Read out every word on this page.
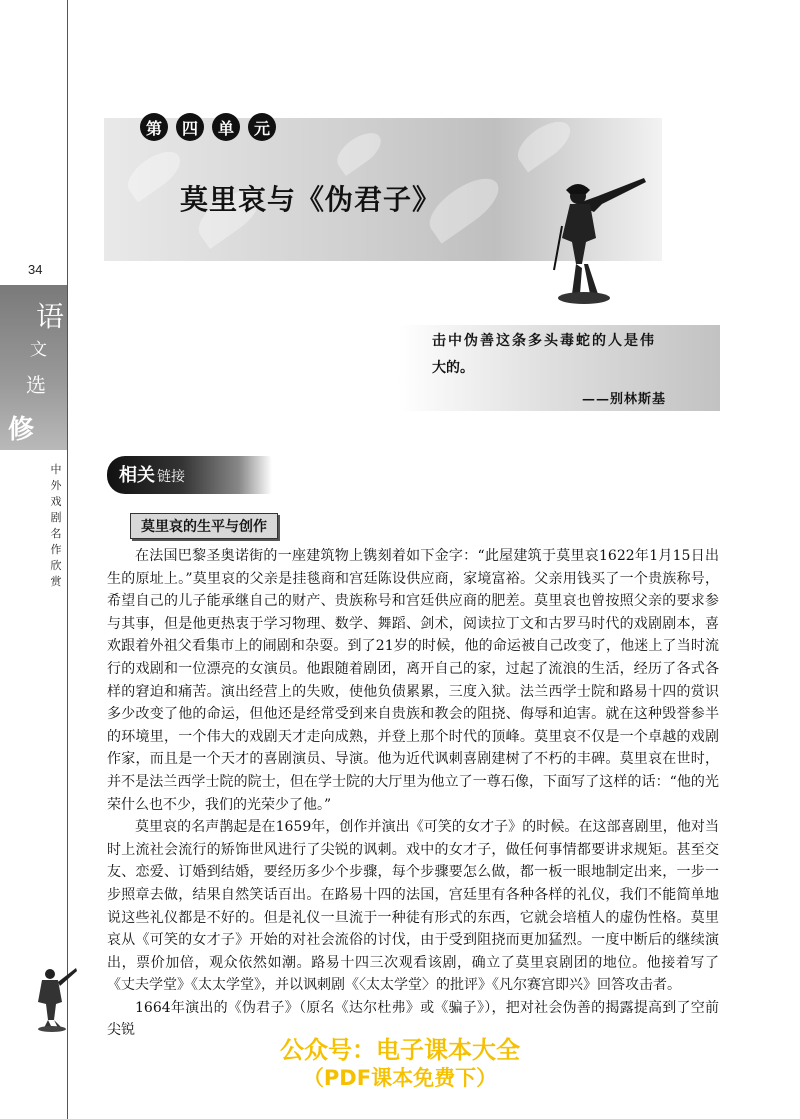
34
语
文
选
修
中
外
戏
剧
名
作
欣
赏
第	四	单	元
莫里哀与《伪君子》
击中伪善这条多头毒蛇的人是伟
大的。
——别林斯基
相关 链接
莫里哀的生平与创作

在法国巴黎圣奥诺街的一座建筑物上镌刻着如下金字：“此屋建筑于莫里哀1622年1月15日出生的原址上。”莫里哀的父亲是挂毯商和宫廷陈设供应商，家境富裕。父亲用钱买了一个贵族称号，希望自己的儿子能承继自己的财产、贵族称号和宫廷供应商的肥差。莫里哀也曾按照父亲的要求参与其事，但是他更热衷于学习物理、数学、舞蹈、剑术，阅读拉丁文和古罗马时代的戏剧剧本，喜欢跟着外祖父看集市上的闹剧和杂耍。到了21岁的时候，他的命运被自己改变了，他迷上了当时流行的戏剧和一位漂亮的女演员。他跟随着剧团，离开自己的家，过起了流浪的生活，经历了各式各样的窘迫和痛苦。演出经营上的失败，使他负债累累，三度入狱。法兰西学士院和路易十四的赏识多少改变了他的命运，但他还是经常受到来自贵族和教会的阻挠、侮辱和迫害。就在这种毁誉参半的环境里，一个伟大的戏剧天才走向成熟，并登上那个时代的顶峰。莫里哀不仅是一个卓越的戏剧作家，而且是一个天才的喜剧演员、导演。他为近代讽刺喜剧建树了不朽的丰碑。莫里哀在世时，并不是法兰西学士院的院士，但在学士院的大厅里为他立了一尊石像，下面写了这样的话：“他的光荣什么也不少，我们的光荣少了他。”

莫里哀的名声鹊起是在1659年，创作并演出《可笑的女才子》的时候。在这部喜剧里，他对当时上流社会流行的矫饰世风进行了尖锐的讽刺。戏中的女才子，做任何事情都要讲求规矩。甚至交友、恋爱、订婚到结婚，要经历多少个步骤，每个步骤要怎么做，都一板一眼地制定出来，一步一步照章去做，结果自然笑话百出。在路易十四的法国，宫廷里有各种各样的礼仪，我们不能简单地说这些礼仪都是不好的。但是礼仪一旦流于一种徒有形式的东西，它就会培植人的虚伪性格。莫里哀从《可笑的女才子》开始的对社会流俗的讨伐，由于受到阻挠而更加猛烈。一度中断后的继续演出，票价加倍，观众依然如潮。路易十四三次观看该剧，确立了莫里哀剧团的地位。他接着写了《丈夫学堂》《太太学堂》，并以讽刺剧《〈太太学堂〉的批评》《凡尔赛宫即兴》回答攻击者。

1664年演出的《伪君子》（原名《达尔杜弗》或《骗子》），把对社会伪善的揭露提高到了空前尖锐

公众号：电子课本大全
（PDF课本免费下）
